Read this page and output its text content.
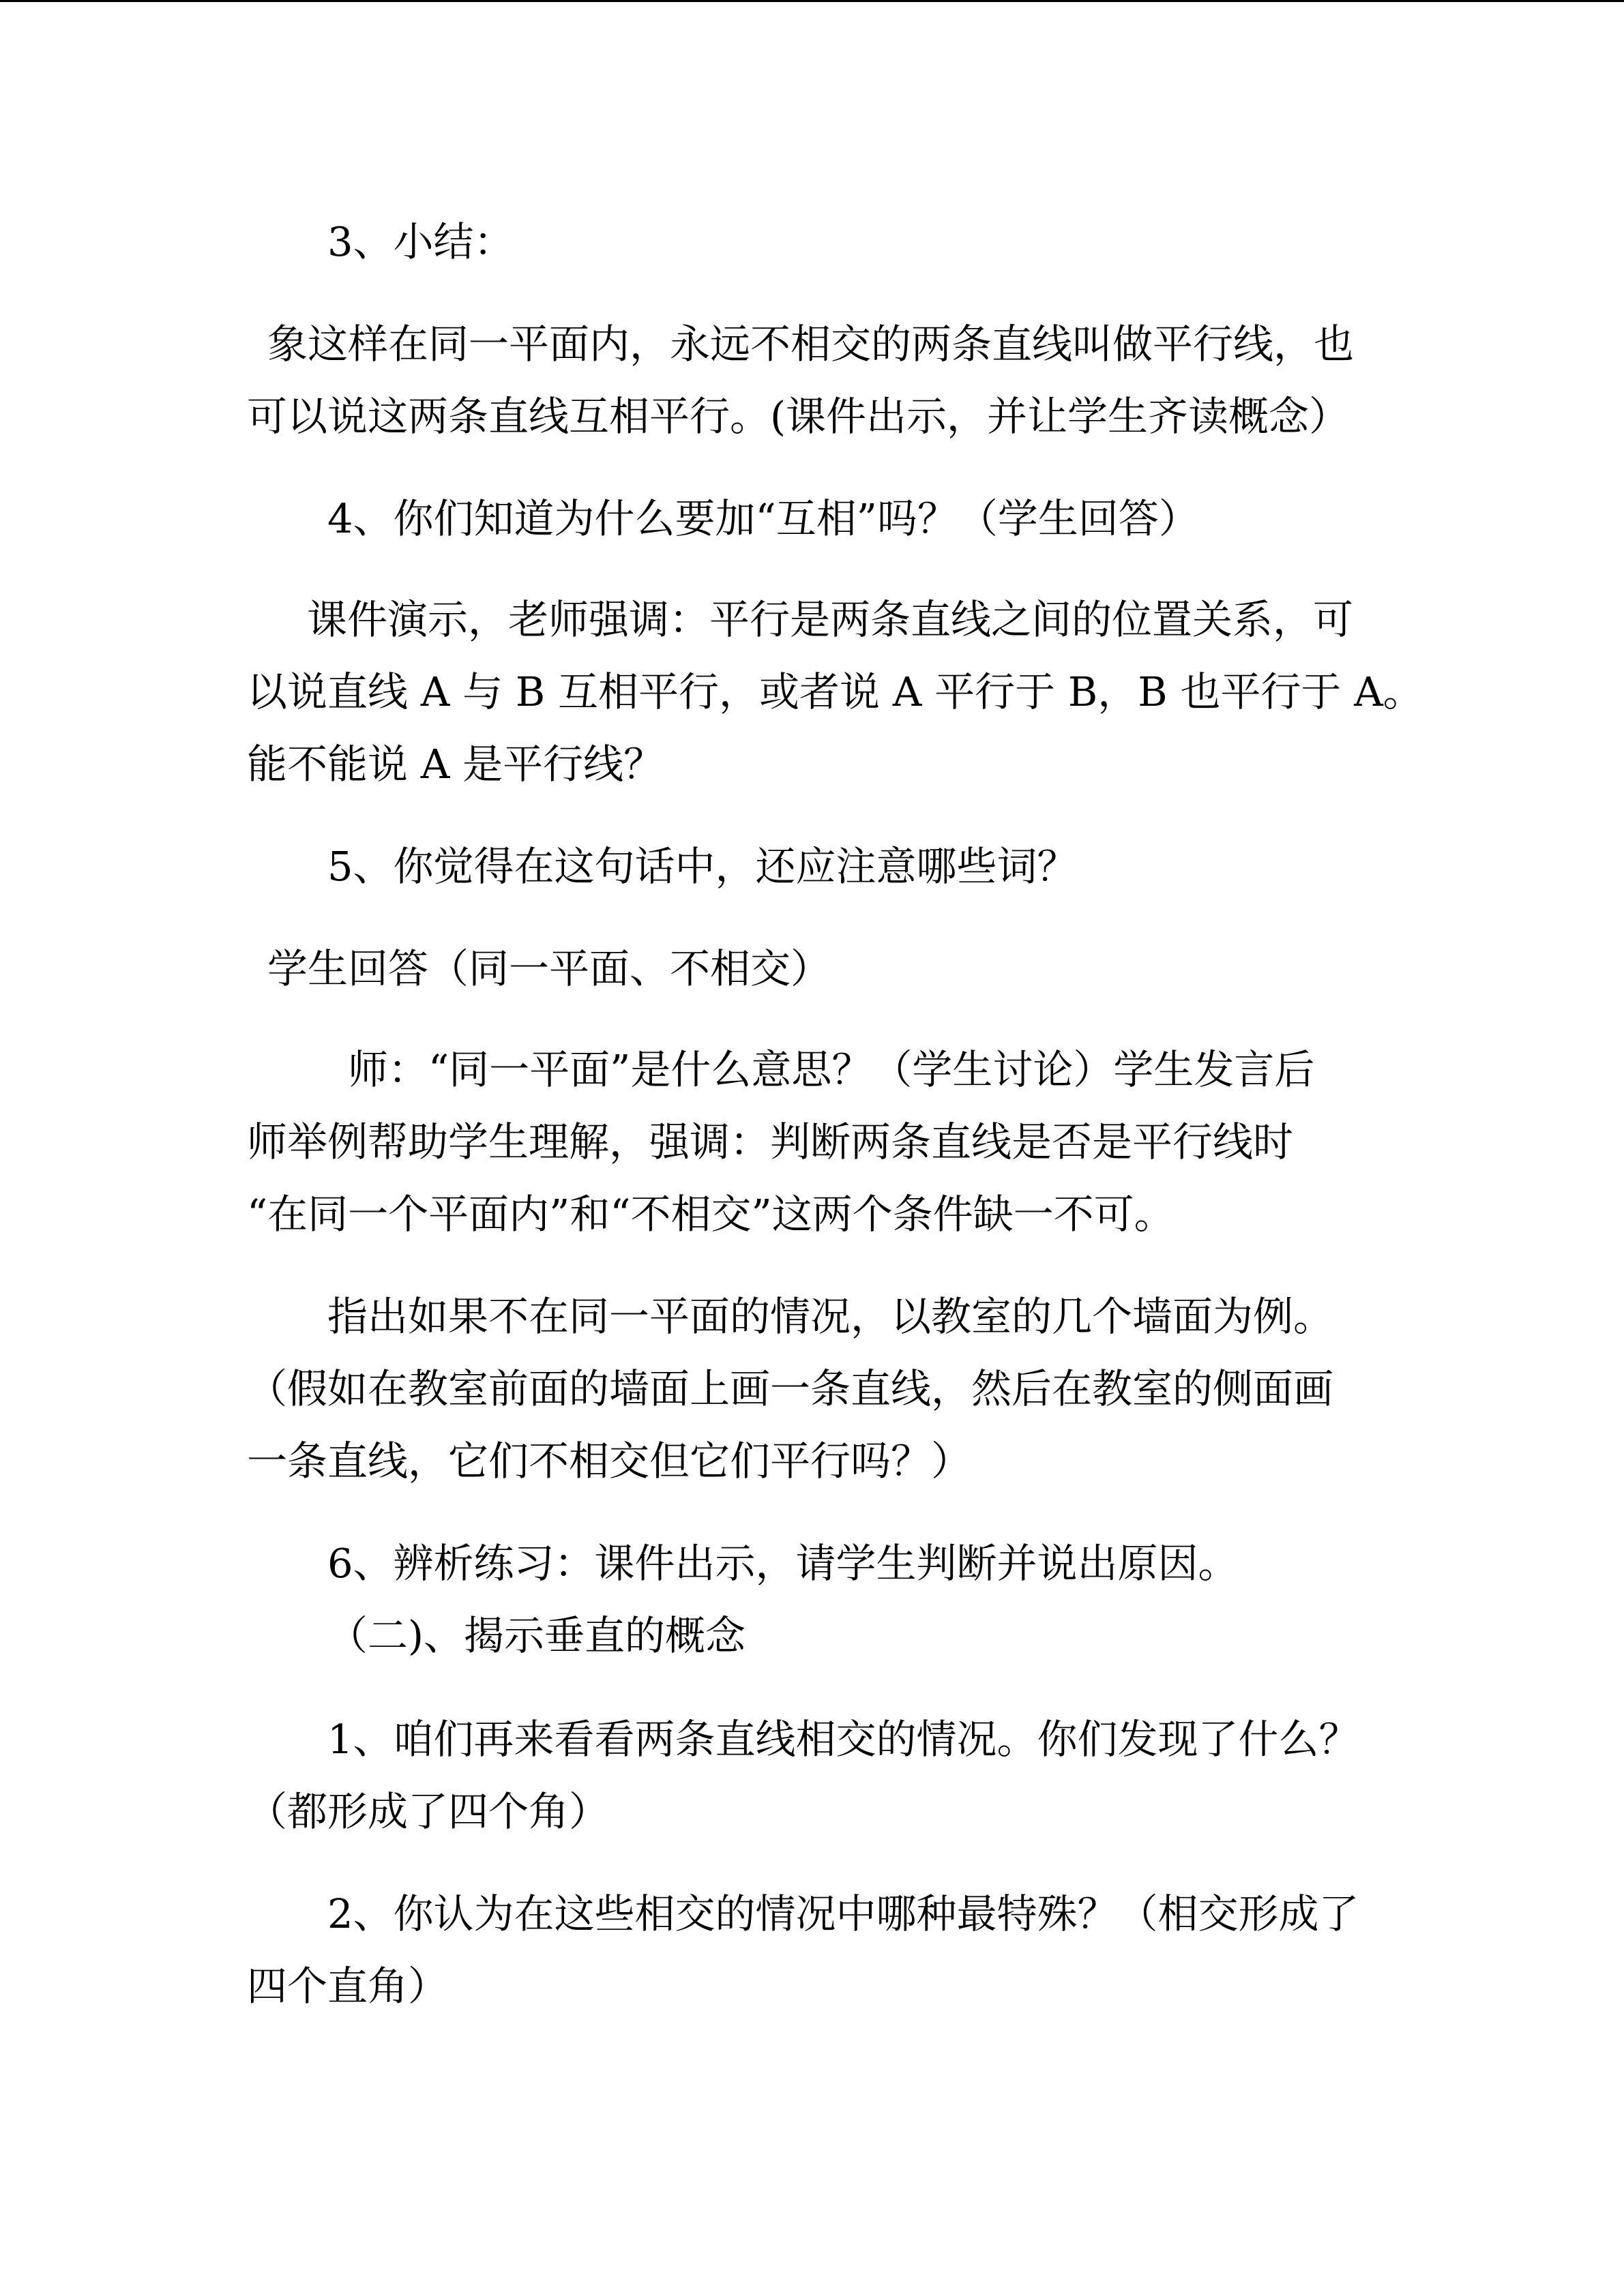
3、小结：
象这样在同一平面内，永远不相交的两条直线叫做平行线，也
可以说这两条直线互相平行。(课件出示，并让学生齐读概念）
4、你们知道为什么要加“互相”吗？（学生回答）
课件演示，老师强调：平行是两条直线之间的位置关系，可
以说直线 A 与 B 互相平行，或者说 A 平行于 B，B 也平行于 A。
能不能说 A 是平行线？
5、你觉得在这句话中，还应注意哪些词？
学生回答（同一平面、不相交）
师：“同一平面”是什么意思？（学生讨论）学生发言后
师举例帮助学生理解，强调：判断两条直线是否是平行线时
“在同一个平面内”和“不相交”这两个条件缺一不可。
指出如果不在同一平面的情况，以教室的几个墙面为例。
（假如在教室前面的墙面上画一条直线，然后在教室的侧面画
一条直线，它们不相交但它们平行吗？）
6、辨析练习：课件出示，请学生判断并说出原因。
（二)、揭示垂直的概念
1、咱们再来看看两条直线相交的情况。你们发现了什么？
（都形成了四个角）
2、你认为在这些相交的情况中哪种最特殊？（相交形成了
四个直角）
